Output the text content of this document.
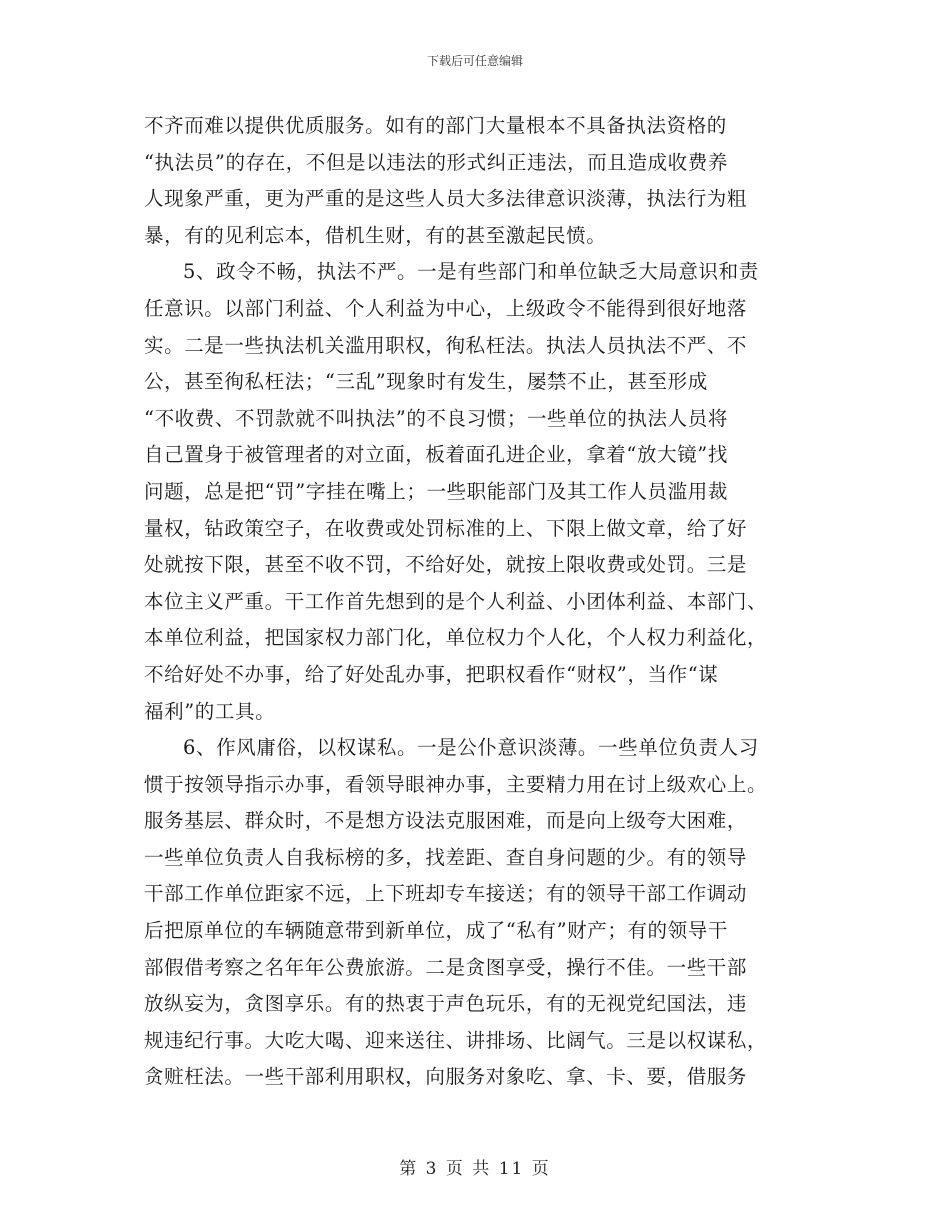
下载后可任意编辑
不齐而难以提供优质服务。如有的部门大量根本不具备执法资格的
“执法员”的存在，不但是以违法的形式纠正违法，而且造成收费养
人现象严重，更为严重的是这些人员大多法律意识淡薄，执法行为粗
暴，有的见利忘本，借机生财，有的甚至激起民愤。
5、政令不畅，执法不严。一是有些部门和单位缺乏大局意识和责
任意识。以部门利益、个人利益为中心，上级政令不能得到很好地落
实。二是一些执法机关滥用职权，徇私枉法。执法人员执法不严、不
公，甚至徇私枉法；“三乱”现象时有发生，屡禁不止，甚至形成
“不收费、不罚款就不叫执法”的不良习惯；一些单位的执法人员将
自己置身于被管理者的对立面，板着面孔进企业，拿着“放大镜”找
问题，总是把“罚”字挂在嘴上；一些职能部门及其工作人员滥用裁
量权，钻政策空子，在收费或处罚标准的上、下限上做文章，给了好
处就按下限，甚至不收不罚，不给好处，就按上限收费或处罚。三是
本位主义严重。干工作首先想到的是个人利益、小团体利益、本部门、
本单位利益，把国家权力部门化，单位权力个人化，个人权力利益化，
不给好处不办事，给了好处乱办事，把职权看作“财权”，当作“谋
福利”的工具。
6、作风庸俗，以权谋私。一是公仆意识淡薄。一些单位负责人习
惯于按领导指示办事，看领导眼神办事，主要精力用在讨上级欢心上。
服务基层、群众时，不是想方设法克服困难，而是向上级夸大困难，
一些单位负责人自我标榜的多，找差距、查自身问题的少。有的领导
干部工作单位距家不远，上下班却专车接送；有的领导干部工作调动
后把原单位的车辆随意带到新单位，成了“私有”财产；有的领导干
部假借考察之名年年公费旅游。二是贪图享受，操行不佳。一些干部
放纵妄为，贪图享乐。有的热衷于声色玩乐，有的无视党纪国法，违
规违纪行事。大吃大喝、迎来送往、讲排场、比阔气。三是以权谋私，
贪赃枉法。一些干部利用职权，向服务对象吃、拿、卡、要，借服务
第 3 页 共 11 页
